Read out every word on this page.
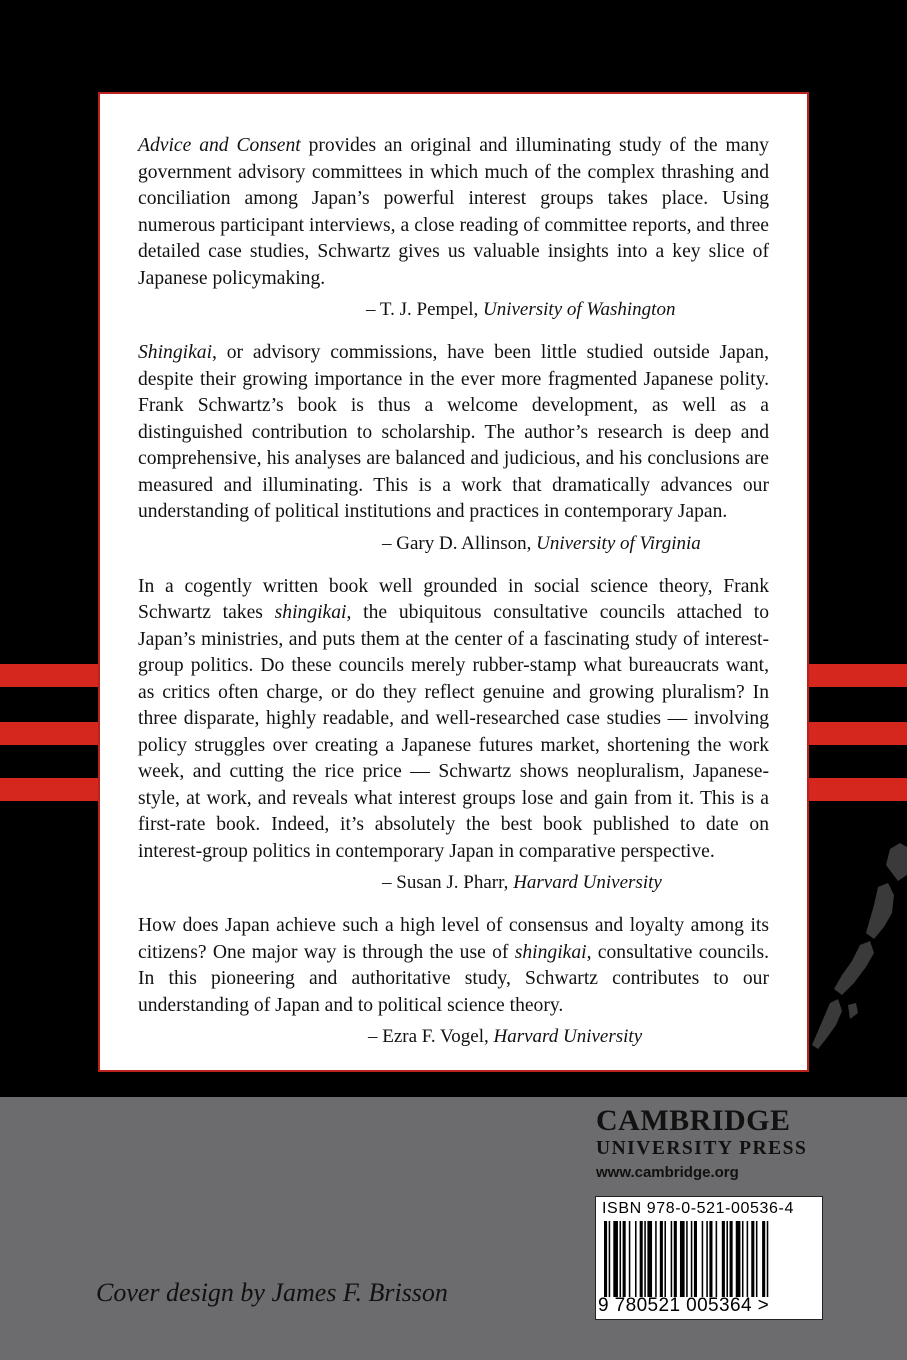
Advice and Consent provides an original and illuminating study of the many government advisory committees in which much of the complex thrashing and conciliation among Japan’s powerful interest groups takes place. Using numerous participant interviews, a close reading of committee reports, and three detailed case studies, Schwartz gives us valuable insights into a key slice of Japanese policymaking.

– T. J. Pempel, University of Washington

Shingikai, or advisory commissions, have been little studied outside Japan, despite their growing importance in the ever more fragmented Japanese polity. Frank Schwartz’s book is thus a welcome development, as well as a distinguished contribution to scholarship. The author’s research is deep and comprehensive, his analyses are balanced and judicious, and his conclusions are measured and illuminating. This is a work that dramatically advances our understanding of political institutions and practices in contemporary Japan.

– Gary D. Allinson, University of Virginia

In a cogently written book well grounded in social science theory, Frank Schwartz takes shingikai, the ubiquitous consultative councils attached to Japan’s ministries, and puts them at the center of a fascinating study of interest-group politics. Do these councils merely rubber-stamp what bureaucrats want, as critics often charge, or do they reflect genuine and growing pluralism? In three disparate, highly readable, and well-researched case studies — involving policy struggles over creating a Japanese futures market, shortening the work week, and cutting the rice price — Schwartz shows neopluralism, Japanese-style, at work, and reveals what interest groups lose and gain from it. This is a first-rate book. Indeed, it’s absolutely the best book published to date on interest-group politics in contemporary Japan in comparative perspective.

– Susan J. Pharr, Harvard University

How does Japan achieve such a high level of consensus and loyalty among its citizens? One major way is through the use of shingikai, consultative councils. In this pioneering and authoritative study, Schwartz contributes to our understanding of Japan and to political science theory.

– Ezra F. Vogel, Harvard University
CAMBRIDGE
UNIVERSITY PRESS
www.cambridge.org
ISBN 978-0-521-00536-4
9 780521 005364 >
Cover design by James F. Brisson
